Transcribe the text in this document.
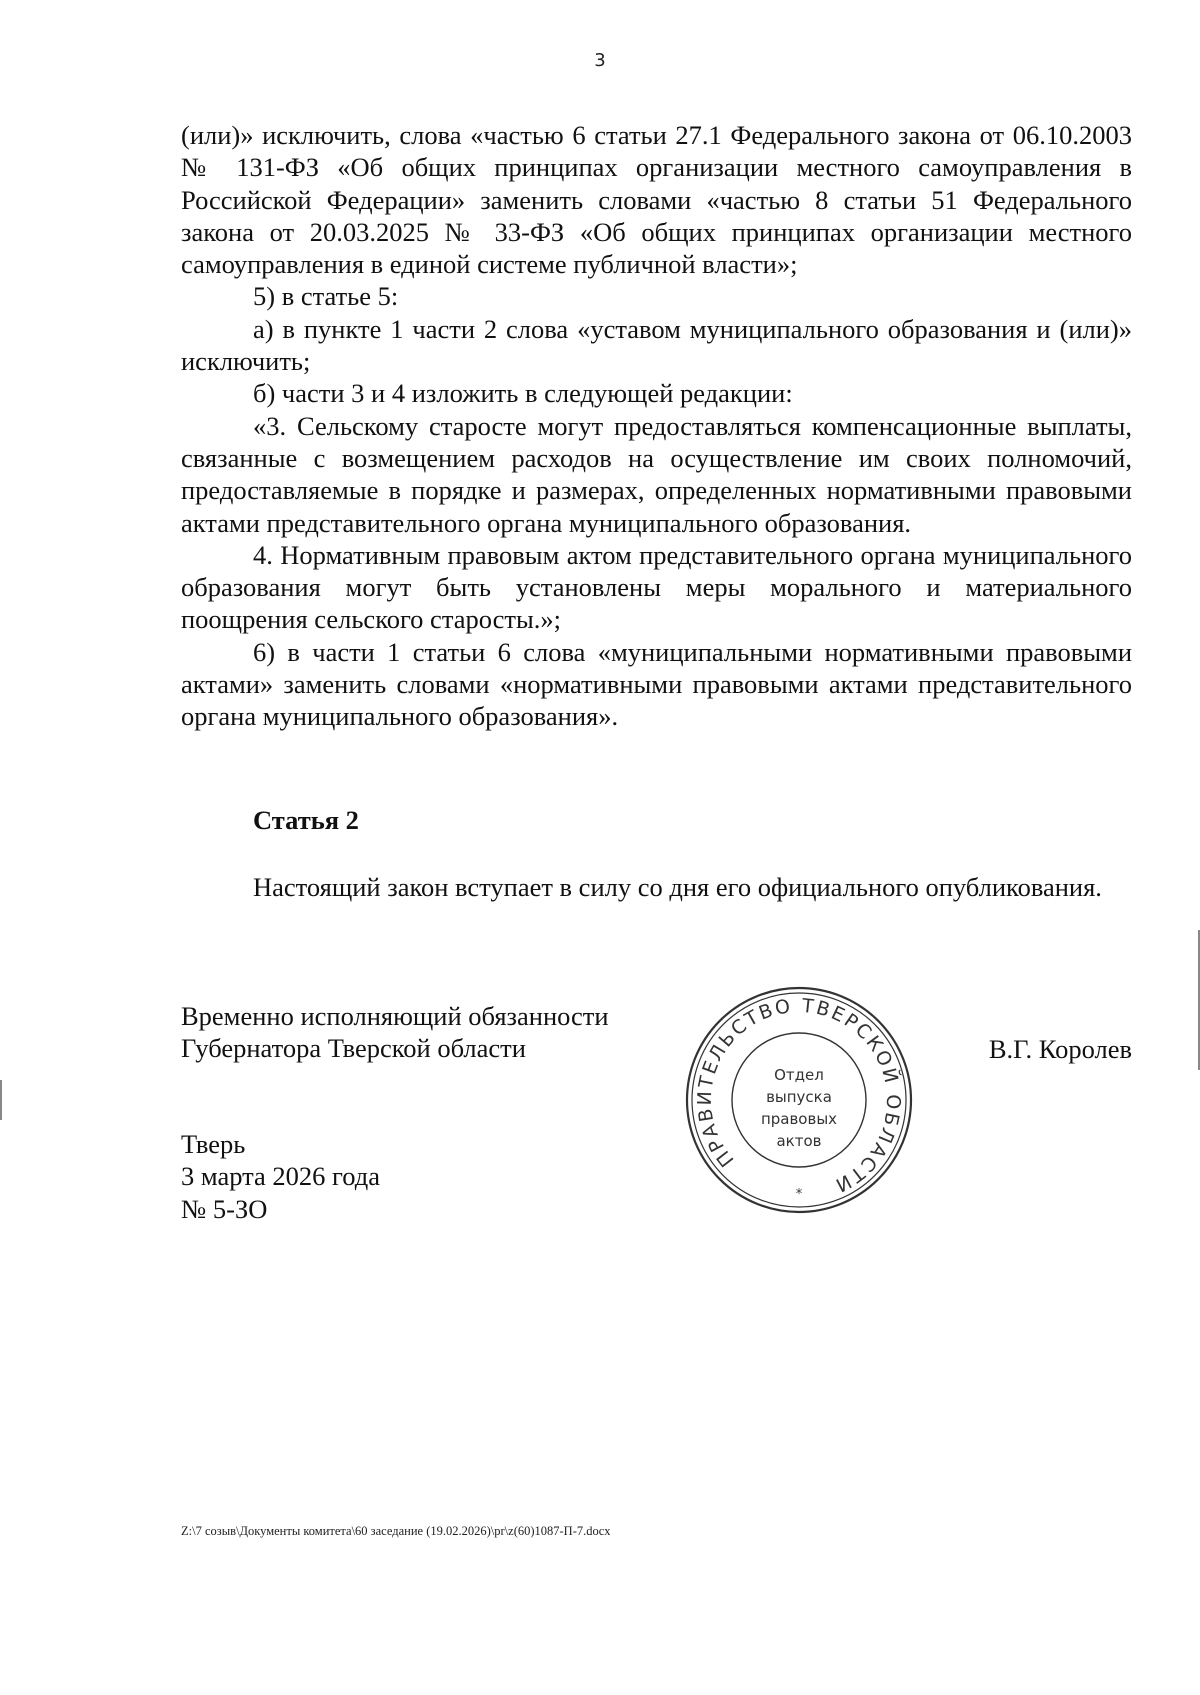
3

(или)» исключить, слова «частью 6 статьи 27.1 Федерального закона от 06.10.2003 № 131-ФЗ «Об общих принципах организации местного самоуправления в Российской Федерации» заменить словами «частью 8 статьи 51 Федерального закона от 20.03.2025 № 33-ФЗ «Об общих принципах организации местного самоуправления в единой системе публичной власти»;

5) в статье 5:

а) в пункте 1 части 2 слова «уставом муниципального образования и (или)» исключить;

б) части 3 и 4 изложить в следующей редакции:

«3. Сельскому старосте могут предоставляться компенсационные выплаты, связанные с возмещением расходов на осуществление им своих полномочий, предоставляемые в порядке и размерах, определенных нормативными правовыми актами представительного органа муниципального образования.

4. Нормативным правовым актом представительного органа муниципального образования могут быть установлены меры морального и материального поощрения сельского старосты.»;

6) в части 1 статьи 6 слова «муниципальными нормативными правовыми актами» заменить словами «нормативными правовыми актами представительного органа муниципального образования».

Статья 2

Настоящий закон вступает в силу со дня его официального опубликования.

Временно исполняющий обязанности
Губернатора Тверской области	В.Г. Королев
Тверь
3 марта 2026 года
№ 5-ЗО
ПРАВИТЕЛЬСТВО ТВЕРСКОЙ ОБЛАСТИ
Отдел
выпуска
правовых
актов
*
Z:\7 созыв\Документы комитета\60 заседание (19.02.2026)\pr\z(60)1087-П-7.docx
